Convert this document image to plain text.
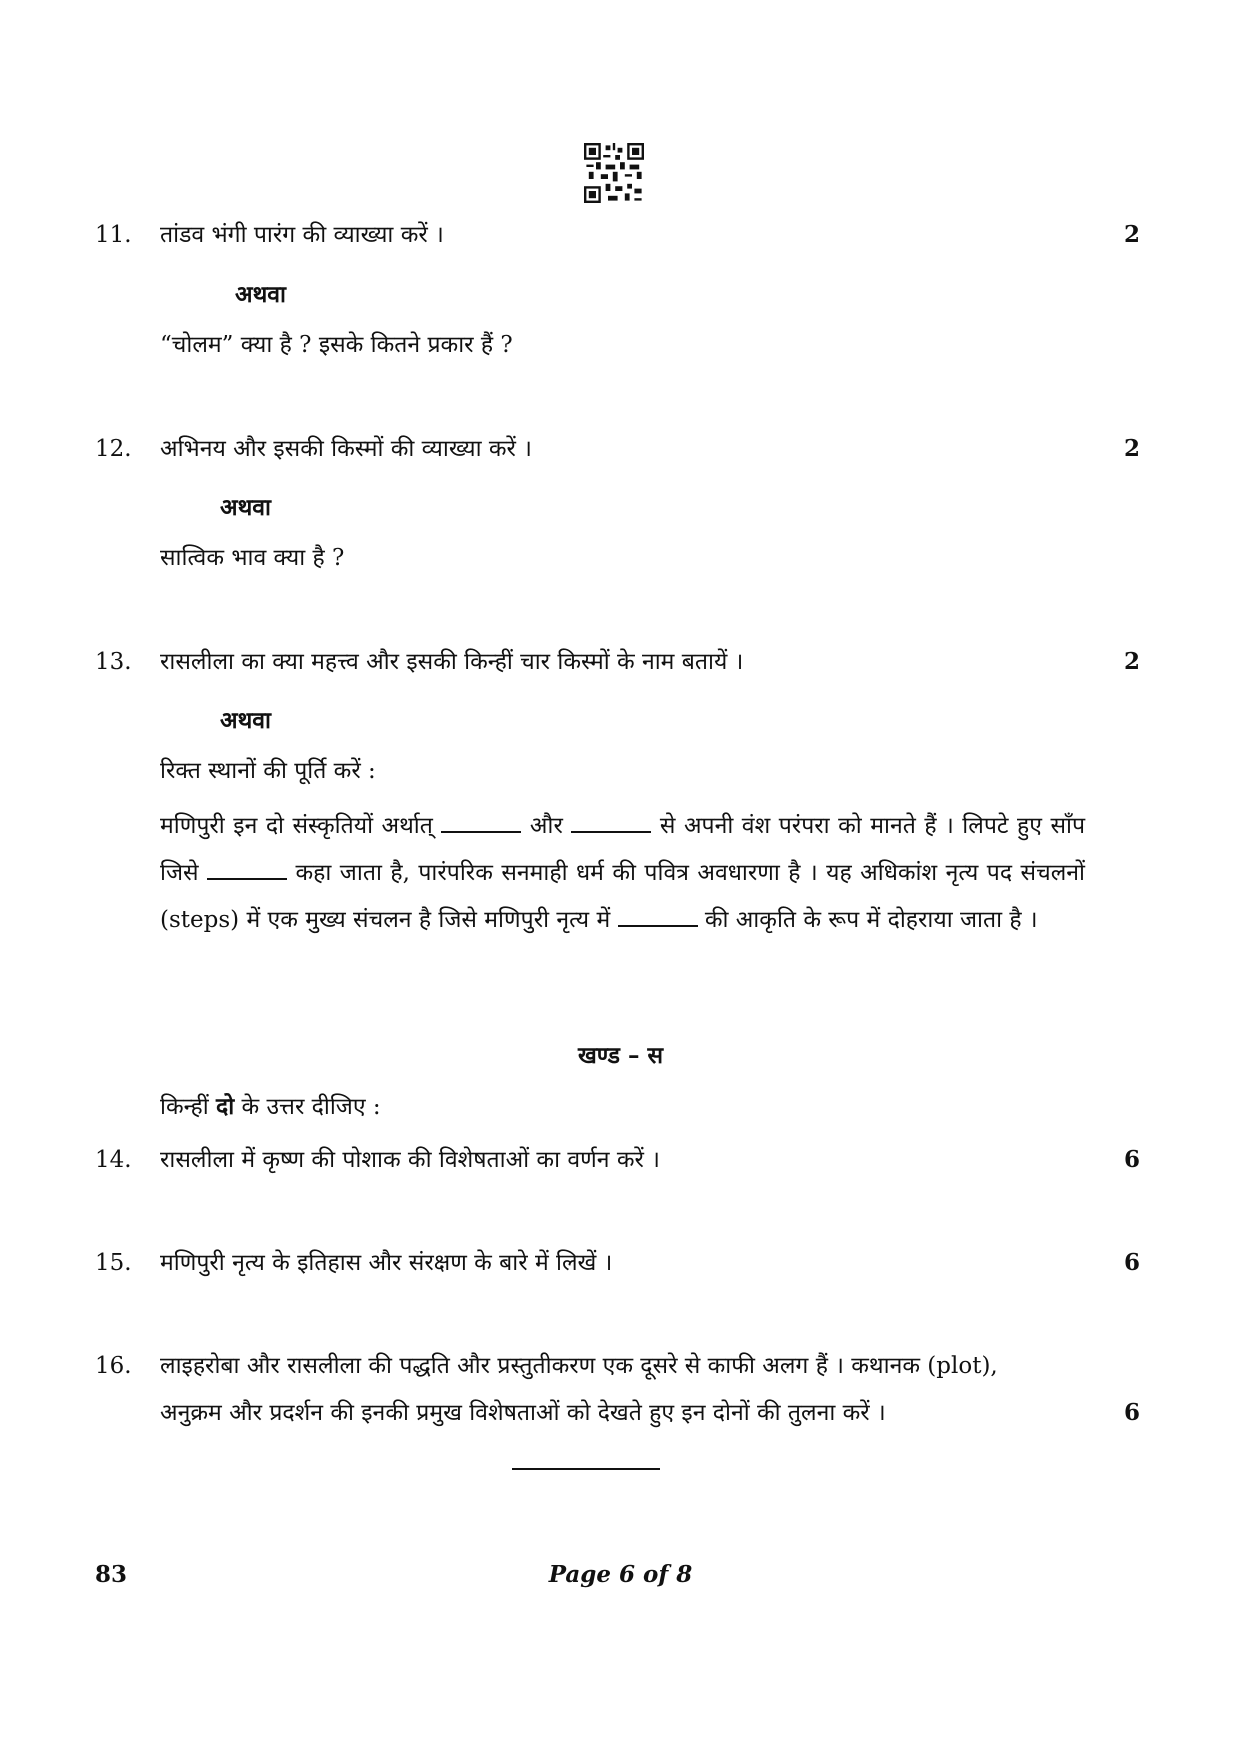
11.	तांडव भंगी पारंग की व्याख्या करें ।	2
अथवा
“चोलम” क्या है ? इसके कितने प्रकार हैं ?
12.	अभिनय और इसकी किस्मों की व्याख्या करें ।	2
अथवा
सात्विक भाव क्या है ?
13.	रासलीला का क्या महत्त्व और इसकी किन्हीं चार किस्मों के नाम बतायें ।	2
अथवा
रिक्त स्थानों की पूर्ति करें :
मणिपुरी इन दो संस्कृतियों अर्थात्	और	से अपनी वंश परंपरा को मानते हैं । लिपटे हुए साँप जिसे	कहा जाता है, पारंपरिक सनमाही धर्म की पवित्र अवधारणा है । यह अधिकांश नृत्य पद संचलनों (steps) में एक मुख्य संचलन है जिसे मणिपुरी नृत्य में	की आकृति के रूप में दोहराया जाता है ।
खण्ड – स
किन्हीं दो के उत्तर दीजिए :
14.	रासलीला में कृष्ण की पोशाक की विशेषताओं का वर्णन करें ।	6
15.	मणिपुरी नृत्य के इतिहास और संरक्षण के बारे में लिखें ।	6
16.	लाइहरोबा और रासलीला की पद्धति और प्रस्तुतीकरण एक दूसरे से काफी अलग हैं । कथानक (plot),
अनुक्रम और प्रदर्शन की इनकी प्रमुख विशेषताओं को देखते हुए इन दोनों की तुलना करें ।	6
83	Page 6 of 8
